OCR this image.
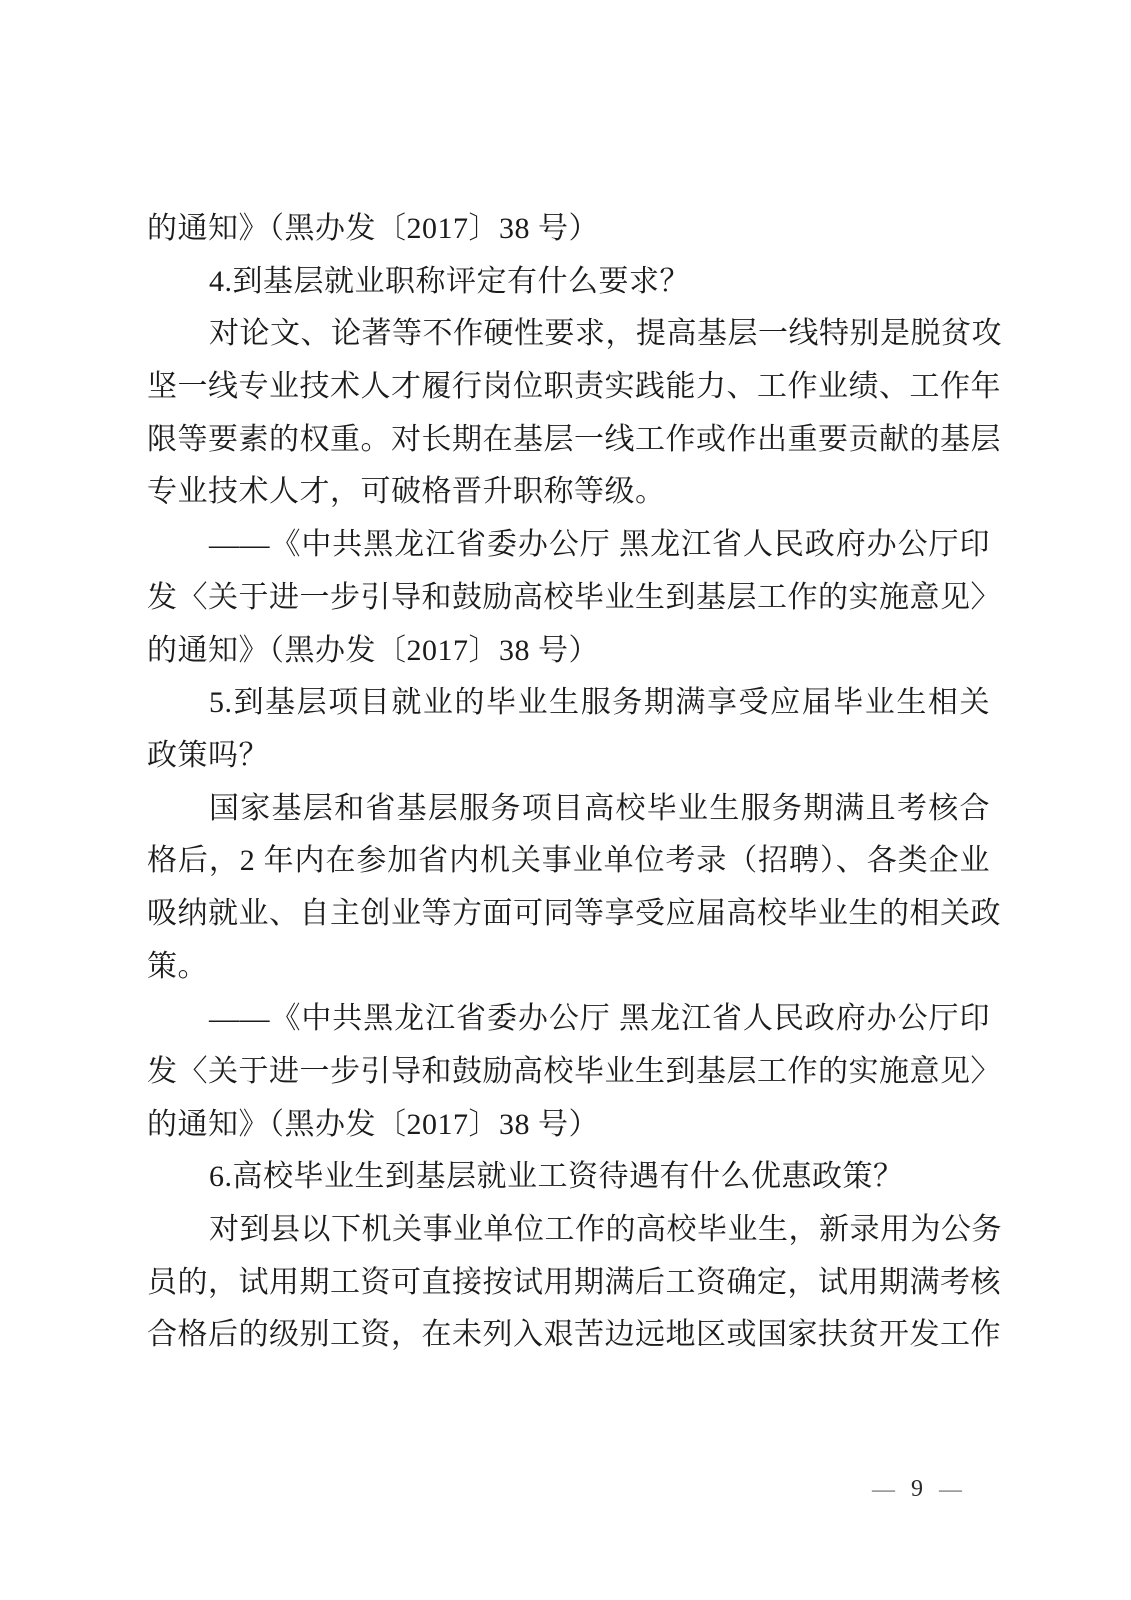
的通知》（黑办发〔2017〕38 号）
4.到基层就业职称评定有什么要求？
对论文、论著等不作硬性要求，提高基层一线特别是脱贫攻
坚一线专业技术人才履行岗位职责实践能力、工作业绩、工作年
限等要素的权重。对长期在基层一线工作或作出重要贡献的基层
专业技术人才，可破格晋升职称等级。
——《中共黑龙江省委办公厅 黑龙江省人民政府办公厅印
发〈关于进一步引导和鼓励高校毕业生到基层工作的实施意见〉
的通知》（黑办发〔2017〕38 号）
5.到基层项目就业的毕业生服务期满享受应届毕业生相关
政策吗？
国家基层和省基层服务项目高校毕业生服务期满且考核合
格后，2 年内在参加省内机关事业单位考录（招聘）、各类企业
吸纳就业、自主创业等方面可同等享受应届高校毕业生的相关政
策。
——《中共黑龙江省委办公厅 黑龙江省人民政府办公厅印
发〈关于进一步引导和鼓励高校毕业生到基层工作的实施意见〉
的通知》（黑办发〔2017〕38 号）
6.高校毕业生到基层就业工资待遇有什么优惠政策？
对到县以下机关事业单位工作的高校毕业生，新录用为公务
员的，试用期工资可直接按试用期满后工资确定，试用期满考核
合格后的级别工资，在未列入艰苦边远地区或国家扶贫开发工作
— 9 —
